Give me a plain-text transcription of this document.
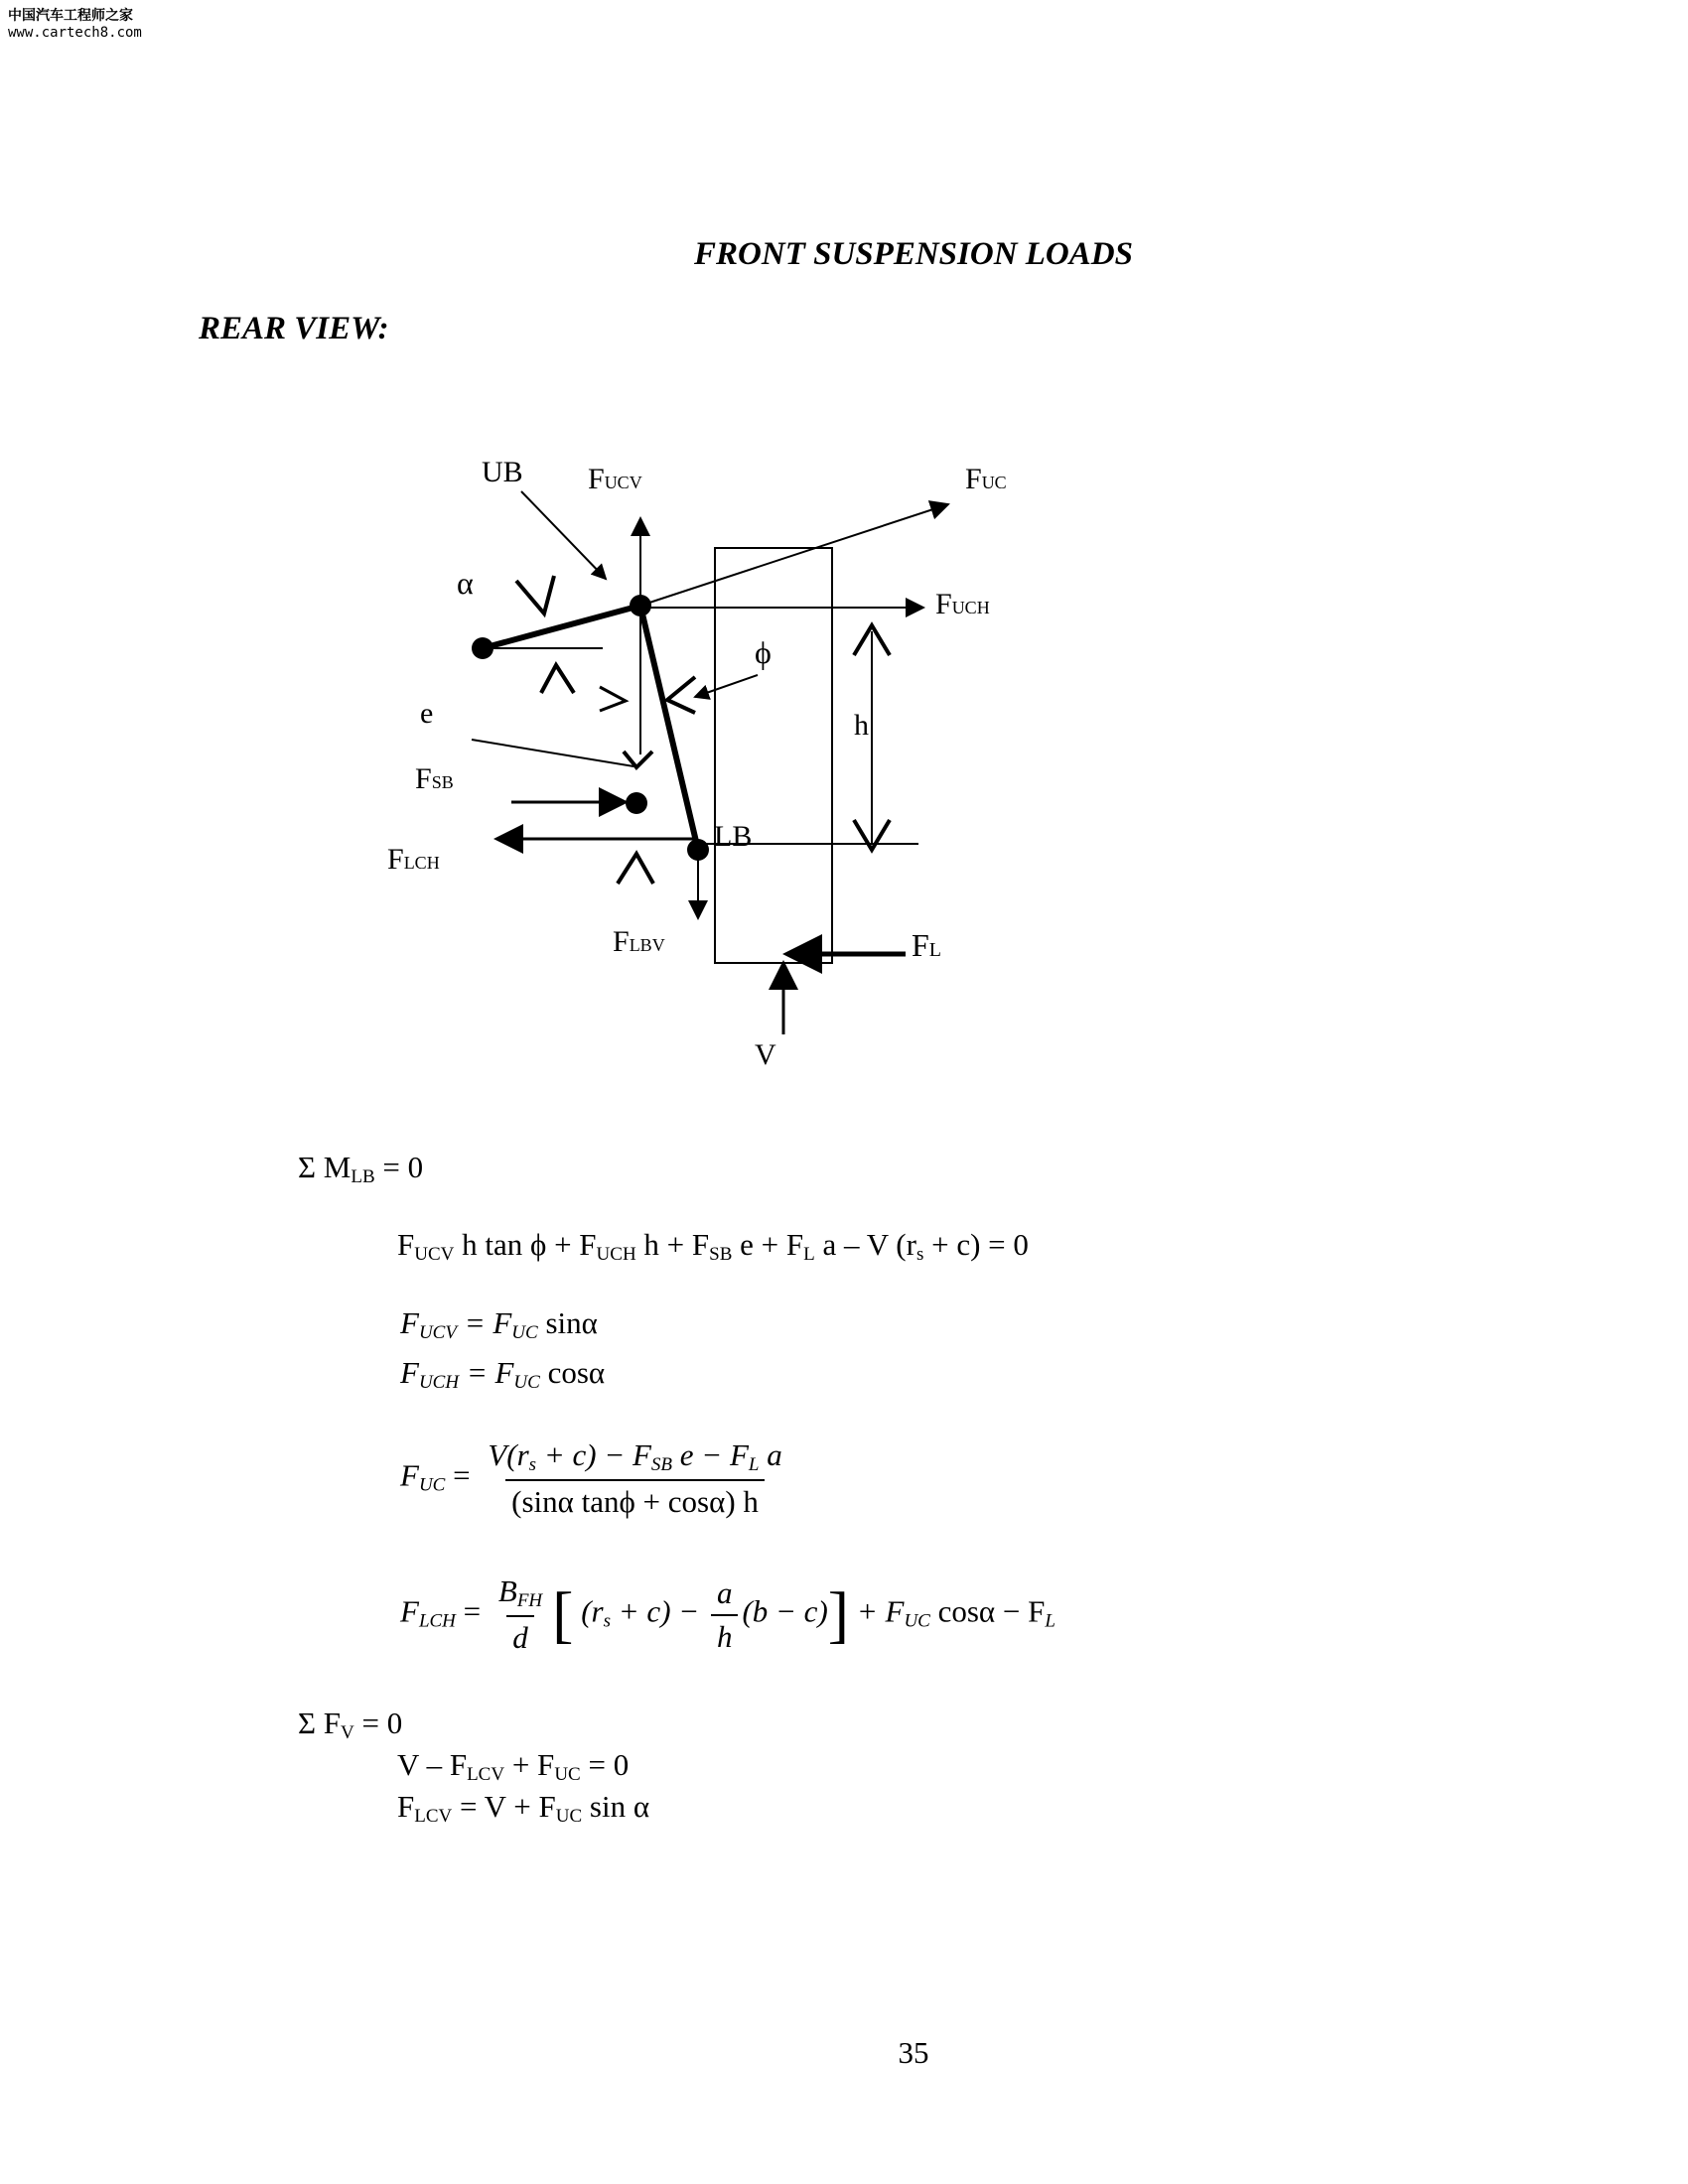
中国汽车工程师之家
www.cartech8.com
FRONT SUSPENSION LOADS
REAR VIEW:
UB
LB
FUCV	FUC
FUCH
α
ϕ
e	h
FSB
FLCH
FLBV	FL
V
Σ $M_{LB} = 0$
$F_{UCV}$ h $\tan \phi + F_{UCH}$ $h + F_{SB}$ $e + F_L$ a – V $(r_s + c) = 0$
$F_{UCV} = F_{UC}$ sinα
$F_{UCH} = F_{UC}$ cosα
$F_{UC} = \frac{V(r_s + c) - F_{SB} e - F_L a}{\text{(sinα tanϕ + cosα) h}}$
$F_{LCH} = \frac{B_{FH}}{d}$ [ $(r_s + c) - \frac{a}{h} (b - c)] + F_{UC}$ $\cos\alpha - F_L$
Σ $F_V = 0$
$V - F_{LCV} + F_{UC} = 0$
$F_{LCV} = V + F_{UC}$ sin α
35
